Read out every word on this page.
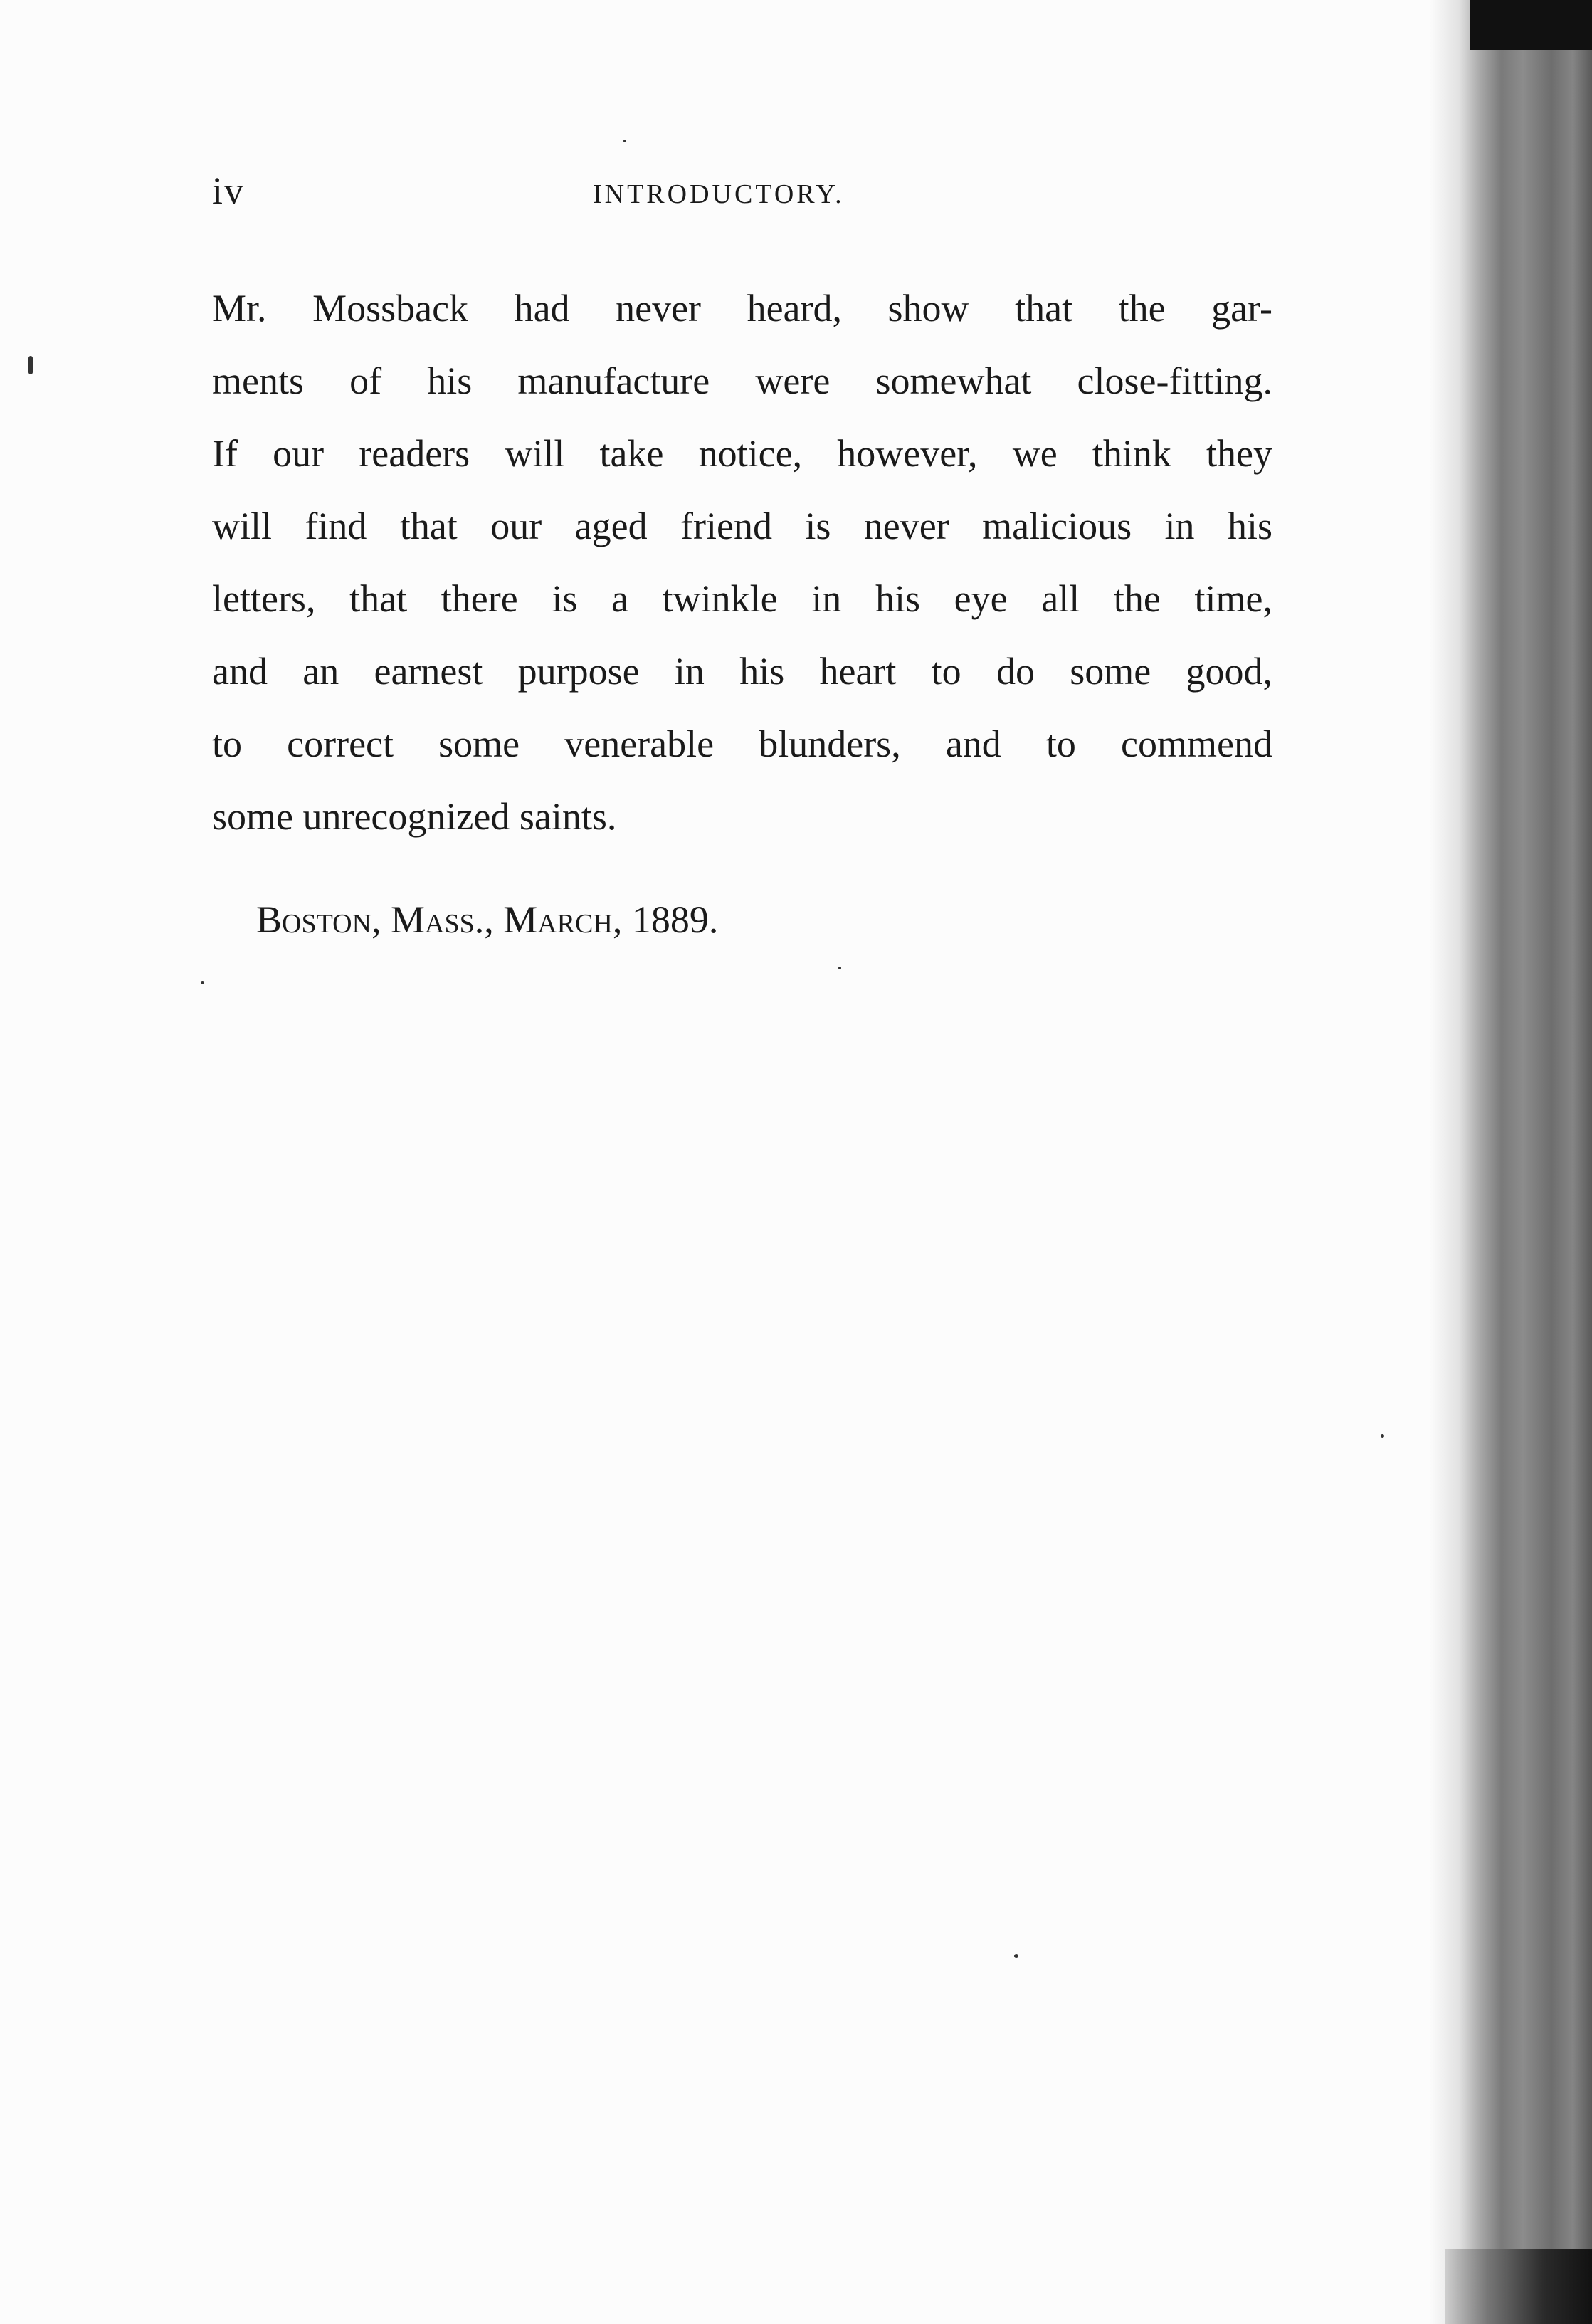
iv	INTRODUCTORY.
Mr. Mossback had never heard, show that the gar-
ments of his manufacture were somewhat close-fitting.
If our readers will take notice, however, we think they
will find that our aged friend is never malicious in his
letters, that there is a twinkle in his eye all the time,
and an earnest purpose in his heart to do some good,
to correct some venerable blunders, and to commend
some unrecognized saints.
Boston, Mass., March, 1889.
